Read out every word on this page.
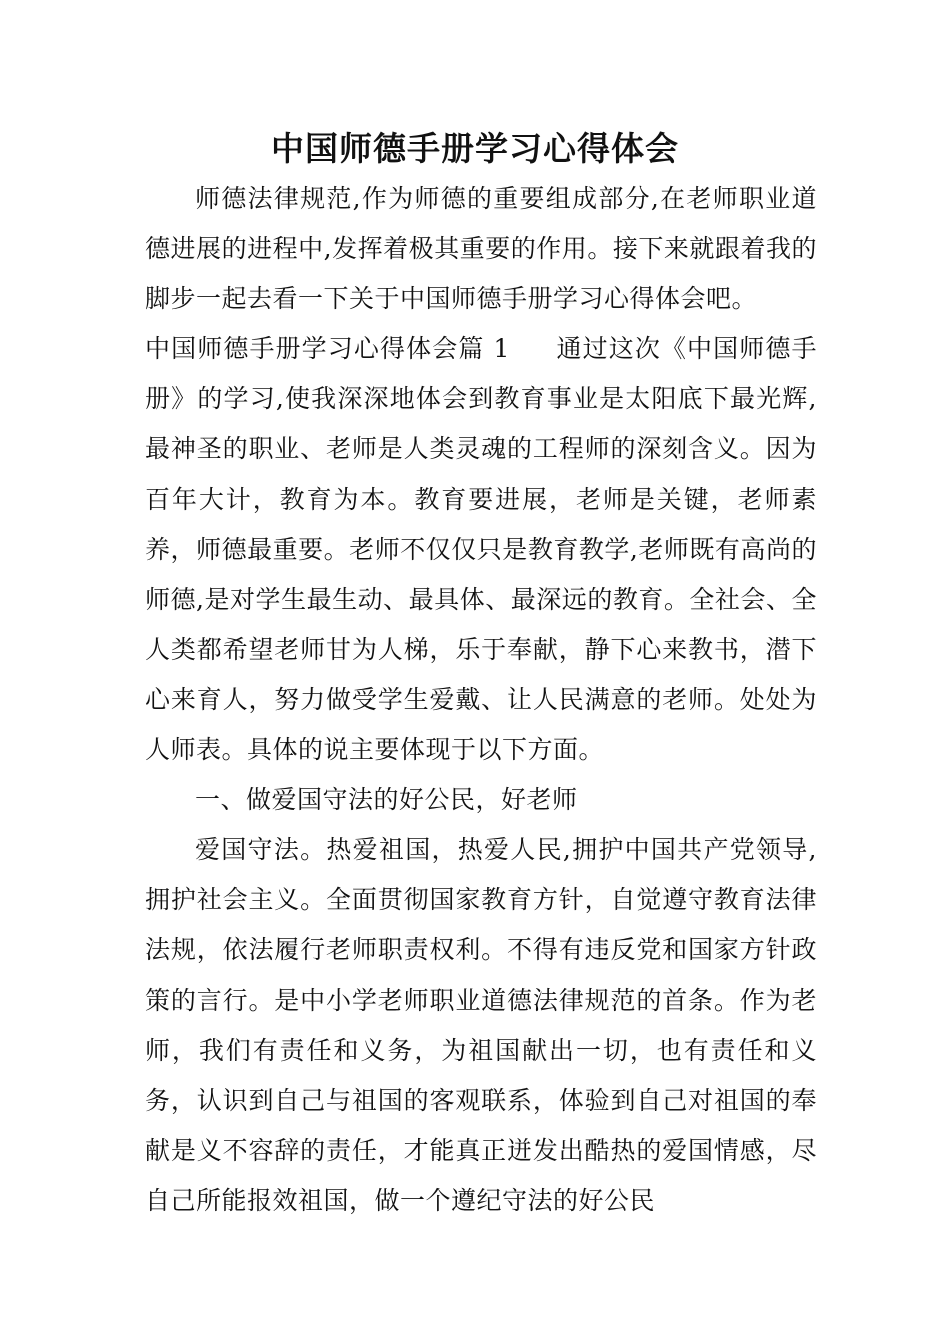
中国师德手册学习心得体会

师德法律规范,作为师德的重要组成部分,在老师职业道德进展的进程中,发挥着极其重要的作用。接下来就跟着我的脚步一起去看一下关于中国师德手册学习心得体会吧。

中国师德手册学习心得体会篇 1 通过这次《中国师德手册》的学习,使我深深地体会到教育事业是太阳底下最光辉,最神圣的职业、老师是人类灵魂的工程师的深刻含义。因为百年大计，教育为本。教育要进展，老师是关键，老师素养，师德最重要。老师不仅仅只是教育教学,老师既有高尚的师德,是对学生最生动、最具体、最深远的教育。全社会、全人类都希望老师甘为人梯，乐于奉献，静下心来教书，潜下心来育人，努力做受学生爱戴、让人民满意的老师。处处为人师表。具体的说主要体现于以下方面。

一、做爱国守法的好公民，好老师

爱国守法。热爱祖国，热爱人民,拥护中国共产党领导,拥护社会主义。全面贯彻国家教育方针，自觉遵守教育法律法规，依法履行老师职责权利。不得有违反党和国家方针政策的言行。是中小学老师职业道德法律规范的首条。作为老师，我们有责任和义务，为祖国献出一切，也有责任和义务，认识到自己与祖国的客观联系，体验到自己对祖国的奉献是义不容辞的责任，才能真正迸发出酷热的爱国情感，尽自己所能报效祖国，做一个遵纪守法的好公民
